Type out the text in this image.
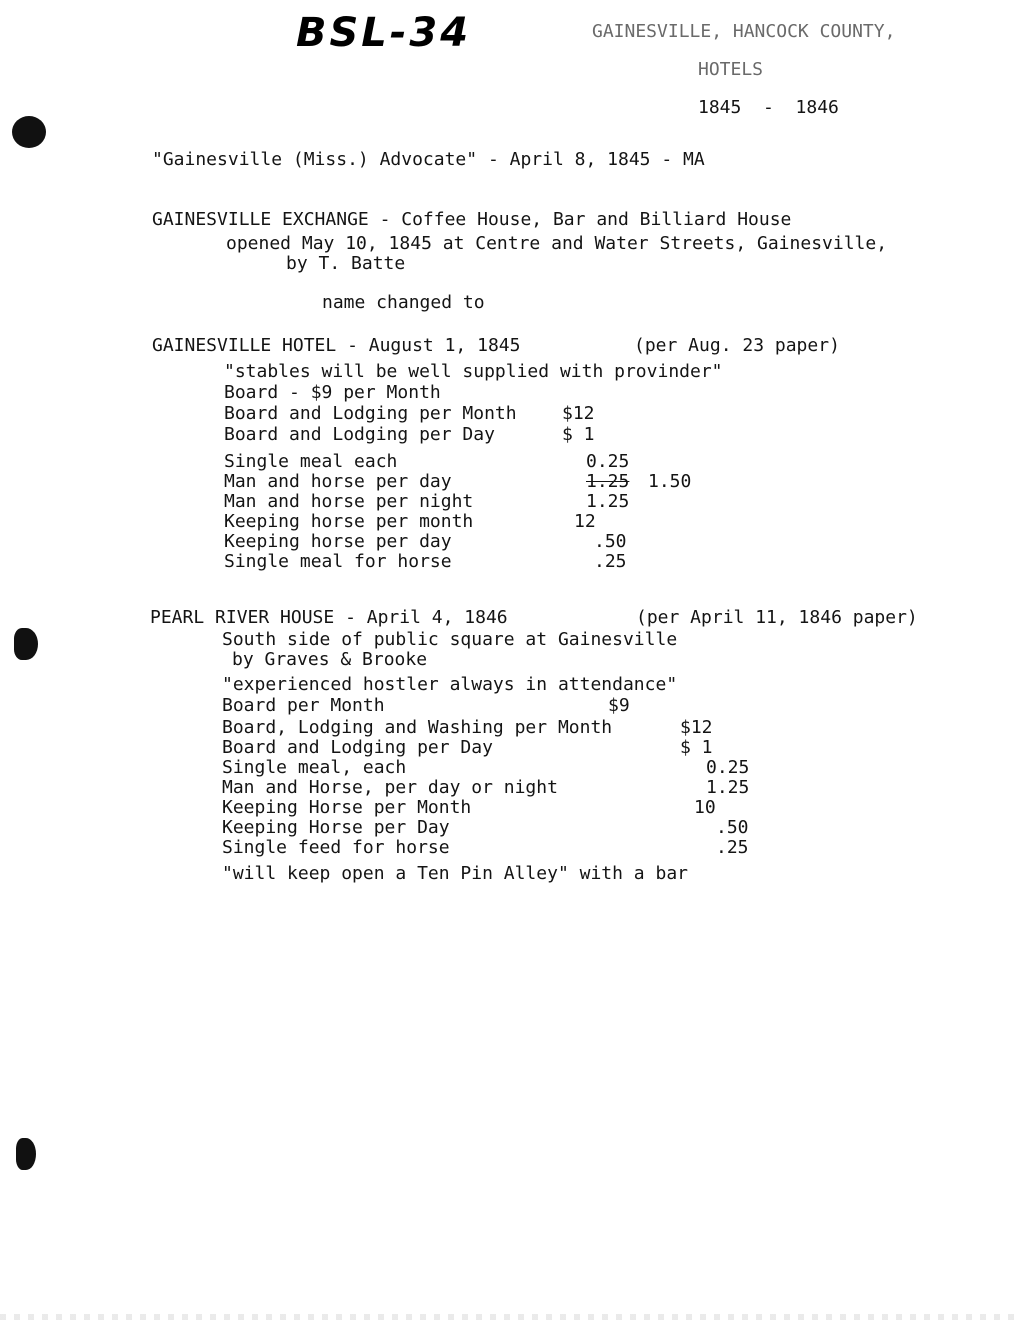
BSL-34	GAINESVILLE, HANCOCK COUNTY,
HOTELS
1845  -  1846
"Gainesville (Miss.) Advocate" - April 8, 1845 - MA
GAINESVILLE EXCHANGE - Coffee House, Bar and Billiard House
opened May 10, 1845 at Centre and Water Streets, Gainesville,
by T. Batte
name changed to
GAINESVILLE HOTEL - August 1, 1845	(per Aug. 23 paper)
"stables will be well supplied with provinder"
Board - $9 per Month
Board and Lodging per Month	$12
Board and Lodging per Day	$ 1
Single meal each	0.25
Man and horse per day	1.25 1.50
Man and horse per night	1.25
Keeping horse per month	12
Keeping horse per day	.50
Single meal for horse	.25
PEARL RIVER HOUSE - April 4, 1846	(per April 11, 1846 paper)
South side of public square at Gainesville
by Graves & Brooke
"experienced hostler always in attendance"
Board per Month	$9
Board, Lodging and Washing per Month	$12
Board and Lodging per Day	$ 1
Single meal, each	0.25
Man and Horse, per day or night	1.25
Keeping Horse per Month	10
Keeping Horse per Day	.50
Single feed for horse	.25
"will keep open a Ten Pin Alley" with a bar
